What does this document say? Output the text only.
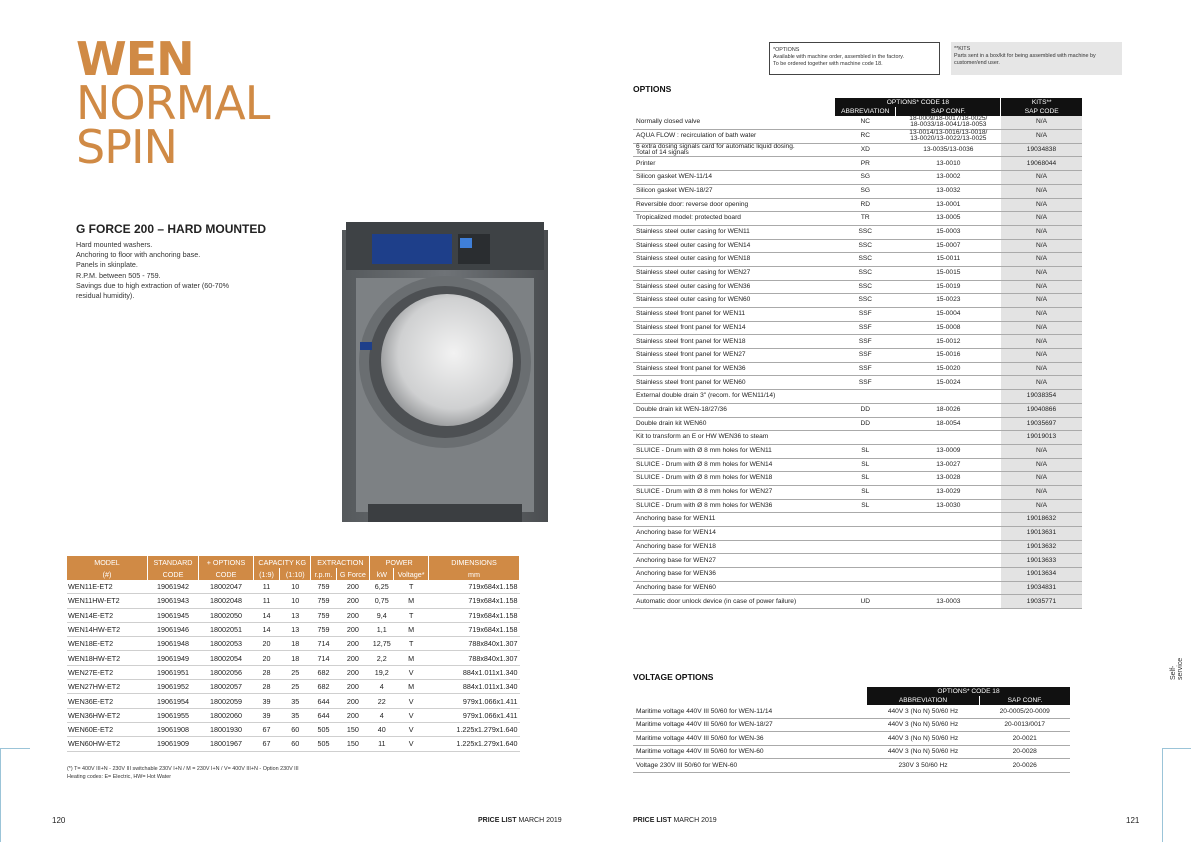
WEN
NORMAL
SPIN
G FORCE 200 – HARD MOUNTED
Hard mounted washers.
Anchoring to floor with anchoring base.
Panels in skinplate.
R.P.M. between 505 - 759.
Savings due to high extraction of water (60-70%
residual humidity).
MODEL	STANDARD	+ OPTIONS	CAPACITY KG		EXTRACTION		POWER		DIMENSIONS
(#)	CODE	CODE	(1:9)	(1:10)	r.p.m.	G Force	kW	Voltage*	mm
WEN11E-ET2	19061942	18002047	11	10	759	200	6,25	T	719x684x1.158
WEN11HW-ET2	19061943	18002048	11	10	759	200	0,75	M	719x684x1.158
WEN14E-ET2	19061945	18002050	14	13	759	200	9,4	T	719x684x1.158
WEN14HW-ET2	19061946	18002051	14	13	759	200	1,1	M	719x684x1.158
WEN18E-ET2	19061948	18002053	20	18	714	200	12,75	T	788x840x1.307
WEN18HW-ET2	19061949	18002054	20	18	714	200	2,2	M	788x840x1.307
WEN27E-ET2	19061951	18002056	28	25	682	200	19,2	V	884x1.011x1.340
WEN27HW-ET2	19061952	18002057	28	25	682	200	4	M	884x1.011x1.340
WEN36E-ET2	19061954	18002059	39	35	644	200	22	V	979x1.066x1.411
WEN36HW-ET2	19061955	18002060	39	35	644	200	4	V	979x1.066x1.411
WEN60E-ET2	19061908	18001930	67	60	505	150	40	V	1.225x1.279x1.640
WEN60HW-ET2	19061909	18001967	67	60	505	150	11	V	1.225x1.279x1.640
(*) T= 400V III+N - 230V III switchable 230V I+N / M = 230V I+N / V= 400V III+N - Option 230V III
Heating codes: E= Electric, HW= Hot Water
120	PRICE LIST MARCH 2019
*OPTIONS
Available with machine order, assembled in the factory.
To be ordered together with machine code 18.
**KITS
Parts sent in a box/kit for being assembled with machine by
customer/end user.
OPTIONS
	OPTIONS* CODE 18		KITS**
	ABBREVIATION	SAP CONF.	SAP CODE
Normally closed valve	NC	18-0009/18-0017/18-0025/
18-0033/18-0041/18-0053	N/A
AQUA FLOW : recirculation of bath water	RC	13-0014/13-0016/13-0018/
13-0020/13-0022/13-0025	N/A
6 extra dosing signals card for automatic liquid dosing.
Total of 14 signals	XD	13-0035/13-0036	19034838
Printer	PR	13-0010	19068044
Silicon gasket WEN-11/14	SG	13-0002	N/A
Silicon gasket WEN-18/27	SG	13-0032	N/A
Reversible door: reverse door opening	RD	13-0001	N/A
Tropicalized model: protected board	TR	13-0005	N/A
Stainless steel outer casing for WEN11	SSC	15-0003	N/A
Stainless steel outer casing for WEN14	SSC	15-0007	N/A
Stainless steel outer casing for WEN18	SSC	15-0011	N/A
Stainless steel outer casing for WEN27	SSC	15-0015	N/A
Stainless steel outer casing for WEN36	SSC	15-0019	N/A
Stainless steel outer casing for WEN60	SSC	15-0023	N/A
Stainless steel front panel for WEN11	SSF	15-0004	N/A
Stainless steel front panel for WEN14	SSF	15-0008	N/A
Stainless steel front panel for WEN18	SSF	15-0012	N/A
Stainless steel front panel for WEN27	SSF	15-0016	N/A
Stainless steel front panel for WEN36	SSF	15-0020	N/A
Stainless steel front panel for WEN60	SSF	15-0024	N/A
External double drain 3" (recom. for WEN11/14)			19038354
Double drain kit WEN-18/27/36	DD	18-0026	19040866
Double drain kit WEN60	DD	18-0054	19035697
Kit to transform an E or HW WEN36 to steam			19019013
SLUICE - Drum with Ø 8 mm holes for WEN11	SL	13-0009	N/A
SLUICE - Drum with Ø 8 mm holes for WEN14	SL	13-0027	N/A
SLUICE - Drum with Ø 8 mm holes for WEN18	SL	13-0028	N/A
SLUICE - Drum with Ø 8 mm holes for WEN27	SL	13-0029	N/A
SLUICE - Drum with Ø 8 mm holes for WEN36	SL	13-0030	N/A
Anchoring base for WEN11			19018632
Anchoring base for WEN14			19013631
Anchoring base for WEN18			19013632
Anchoring base for WEN27			19013633
Anchoring base for WEN36			19013634
Anchoring base for WEN60			19034831
Automatic door unlock device (in case of power failure)	UD	13-0003	19035771
VOLTAGE OPTIONS
	OPTIONS* CODE 18	
	ABBREVIATION	SAP CONF.
Maritime voltage 440V III 50/60 for WEN-11/14	440V 3 (No N) 50/60 Hz	20-0005/20-0009
Maritime voltage 440V III 50/60 for WEN-18/27	440V 3 (No N) 50/60 Hz	20-0013/0017
Maritime voltage 440V III 50/60 for WEN-36	440V 3 (No N) 50/60 Hz	20-0021
Maritime voltage 440V III 50/60 for WEN-60	440V 3 (No N) 50/60 Hz	20-0028
Voltage 230V III 50/60 for WEN-60	230V 3 50/60 Hz	20-0026
Self-service
PRICE LIST MARCH 2019	121
